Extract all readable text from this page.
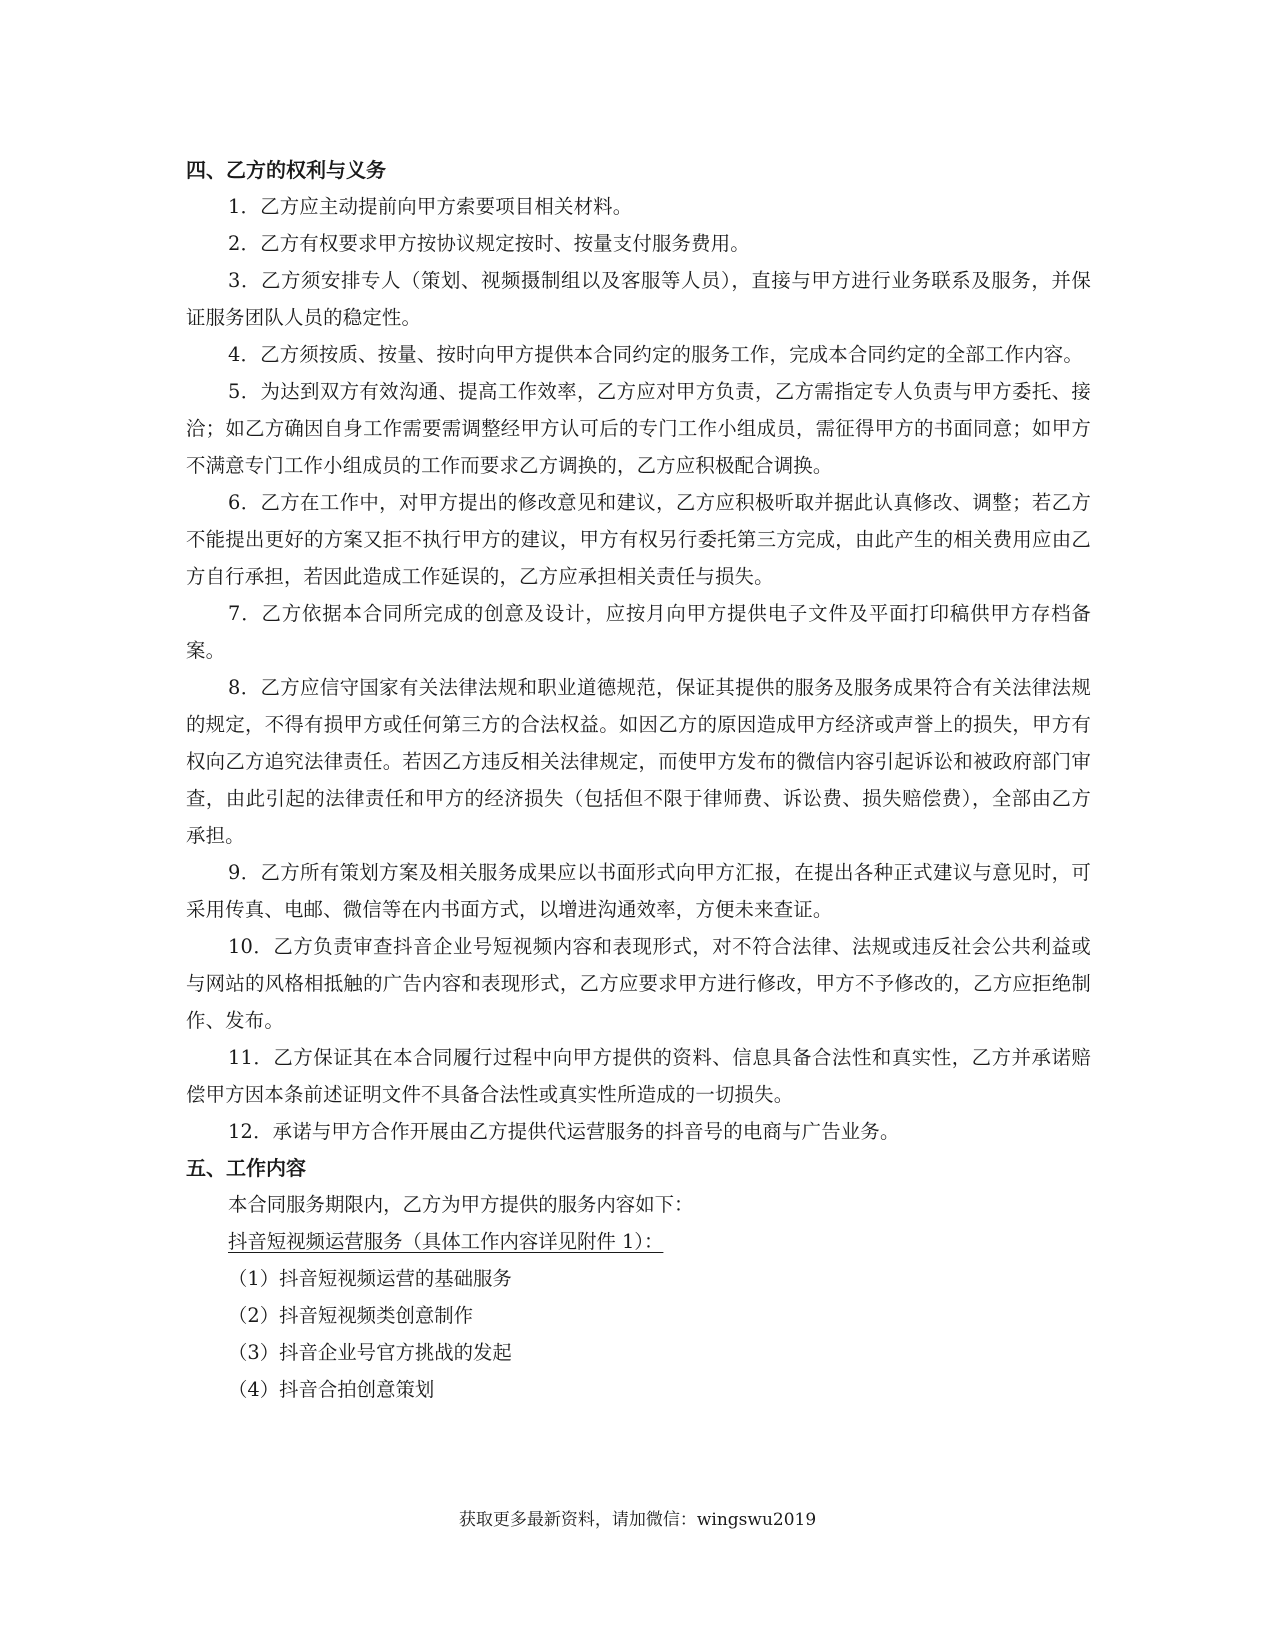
四、乙方的权利与义务

1．乙方应主动提前向甲方索要项目相关材料。

2．乙方有权要求甲方按协议规定按时、按量支付服务费用。

3．乙方须安排专人（策划、视频摄制组以及客服等人员），直接与甲方进行业务联系及服务，并保证服务团队人员的稳定性。

4．乙方须按质、按量、按时向甲方提供本合同约定的服务工作，完成本合同约定的全部工作内容。

5．为达到双方有效沟通、提高工作效率，乙方应对甲方负责，乙方需指定专人负责与甲方委托、接洽；如乙方确因自身工作需要需调整经甲方认可后的专门工作小组成员，需征得甲方的书面同意；如甲方不满意专门工作小组成员的工作而要求乙方调换的，乙方应积极配合调换。

6．乙方在工作中，对甲方提出的修改意见和建议，乙方应积极听取并据此认真修改、调整；若乙方不能提出更好的方案又拒不执行甲方的建议，甲方有权另行委托第三方完成，由此产生的相关费用应由乙方自行承担，若因此造成工作延误的，乙方应承担相关责任与损失。

7．乙方依据本合同所完成的创意及设计，应按月向甲方提供电子文件及平面打印稿供甲方存档备案。

8．乙方应信守国家有关法律法规和职业道德规范，保证其提供的服务及服务成果符合有关法律法规的规定，不得有损甲方或任何第三方的合法权益。如因乙方的原因造成甲方经济或声誉上的损失，甲方有权向乙方追究法律责任。若因乙方违反相关法律规定，而使甲方发布的微信内容引起诉讼和被政府部门审查，由此引起的法律责任和甲方的经济损失（包括但不限于律师费、诉讼费、损失赔偿费），全部由乙方承担。

9．乙方所有策划方案及相关服务成果应以书面形式向甲方汇报，在提出各种正式建议与意见时，可采用传真、电邮、微信等在内书面方式，以增进沟通效率，方便未来查证。

10．乙方负责审查抖音企业号短视频内容和表现形式，对不符合法律、法规或违反社会公共利益或与网站的风格相抵触的广告内容和表现形式，乙方应要求甲方进行修改，甲方不予修改的，乙方应拒绝制作、发布。

11．乙方保证其在本合同履行过程中向甲方提供的资料、信息具备合法性和真实性，乙方并承诺赔偿甲方因本条前述证明文件不具备合法性或真实性所造成的一切损失。

12．承诺与甲方合作开展由乙方提供代运营服务的抖音号的电商与广告业务。

五、工作内容

本合同服务期限内，乙方为甲方提供的服务内容如下：

抖音短视频运营服务（具体工作内容详见附件 1）：

（1）抖音短视频运营的基础服务

（2）抖音短视频类创意制作

（3）抖音企业号官方挑战的发起

（4）抖音合拍创意策划

获取更多最新资料，请加微信：wingswu2019
